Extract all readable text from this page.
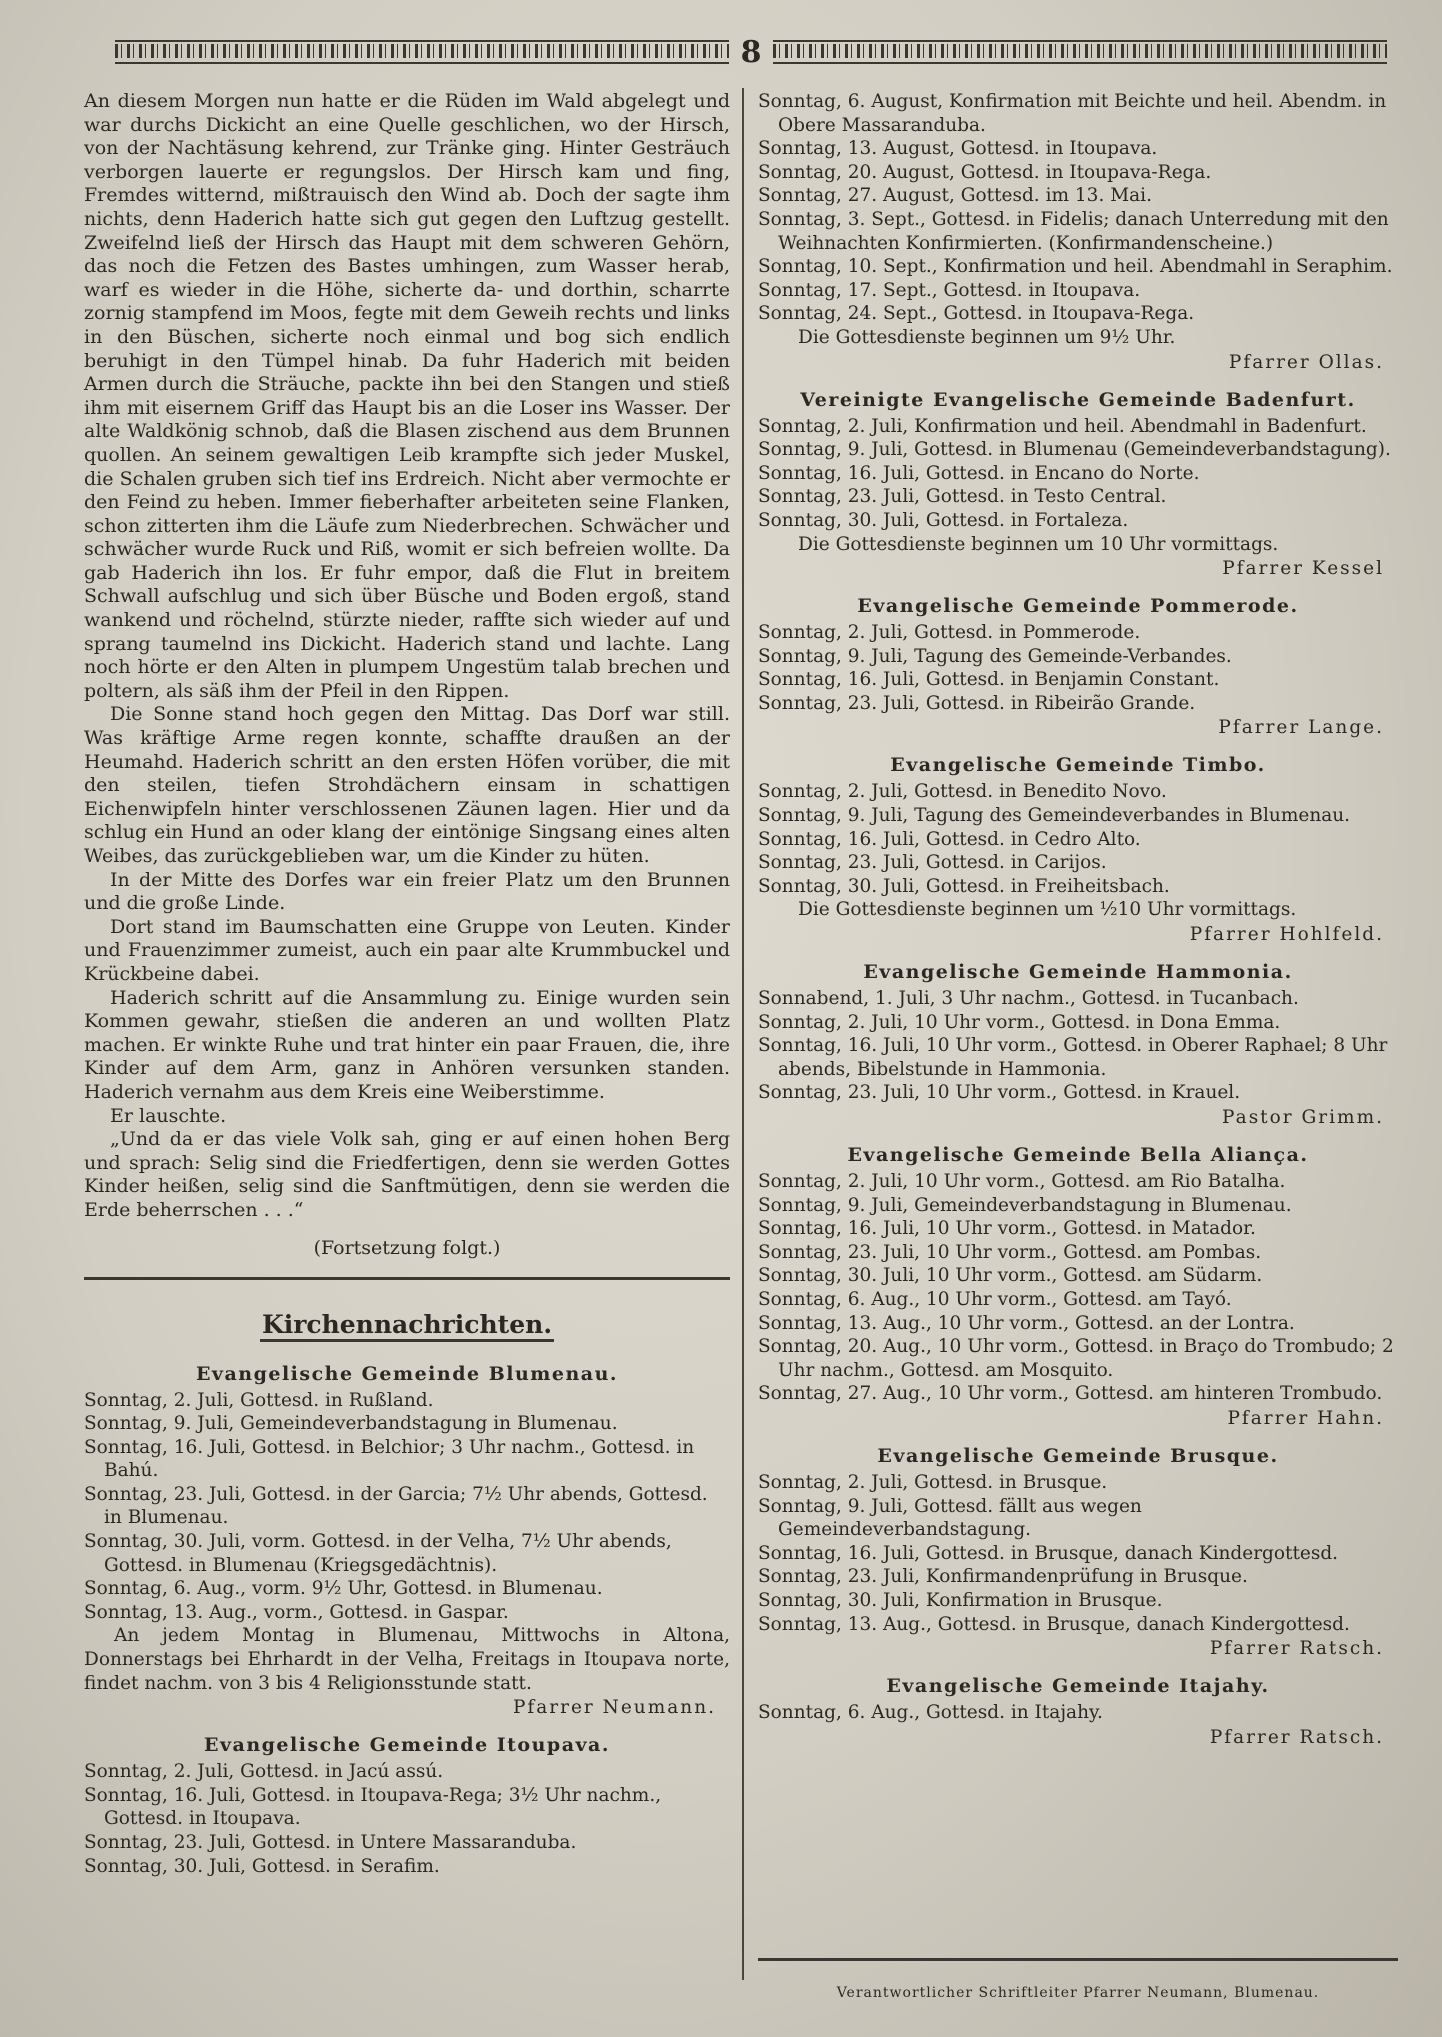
8

An diesem Morgen nun hatte er die Rüden im Wald abgelegt und war durchs Dickicht an eine Quelle geschlichen, wo der Hirsch, von der Nachtäsung kehrend, zur Tränke ging. Hinter Gesträuch verborgen lauerte er regungslos. Der Hirsch kam und fing, Fremdes witternd, mißtrauisch den Wind ab. Doch der sagte ihm nichts, denn Haderich hatte sich gut gegen den Luftzug gestellt. Zweifelnd ließ der Hirsch das Haupt mit dem schweren Gehörn, das noch die Fetzen des Bastes umhingen, zum Wasser herab, warf es wieder in die Höhe, sicherte da- und dorthin, scharrte zornig stampfend im Moos, fegte mit dem Geweih rechts und links in den Büschen, sicherte noch einmal und bog sich endlich beruhigt in den Tümpel hinab. Da fuhr Haderich mit beiden Armen durch die Sträuche, packte ihn bei den Stangen und stieß ihm mit eisernem Griff das Haupt bis an die Loser ins Wasser. Der alte Waldkönig schnob, daß die Blasen zischend aus dem Brunnen quollen. An seinem gewaltigen Leib krampfte sich jeder Muskel, die Schalen gruben sich tief ins Erdreich. Nicht aber vermochte er den Feind zu heben. Immer fieberhafter arbeiteten seine Flanken, schon zitterten ihm die Läufe zum Niederbrechen. Schwächer und schwächer wurde Ruck und Riß, womit er sich befreien wollte. Da gab Haderich ihn los. Er fuhr empor, daß die Flut in breitem Schwall aufschlug und sich über Büsche und Boden ergoß, stand wankend und röchelnd, stürzte nieder, raffte sich wieder auf und sprang taumelnd ins Dickicht. Haderich stand und lachte. Lang noch hörte er den Alten in plumpem Ungestüm talab brechen und poltern, als säß ihm der Pfeil in den Rippen.

Die Sonne stand hoch gegen den Mittag. Das Dorf war still. Was kräftige Arme regen konnte, schaffte draußen an der Heumahd. Haderich schritt an den ersten Höfen vorüber, die mit den steilen, tiefen Strohdächern einsam in schattigen Eichenwipfeln hinter verschlossenen Zäunen lagen. Hier und da schlug ein Hund an oder klang der eintönige Singsang eines alten Weibes, das zurückgeblieben war, um die Kinder zu hüten.

In der Mitte des Dorfes war ein freier Platz um den Brunnen und die große Linde.

Dort stand im Baumschatten eine Gruppe von Leuten. Kinder und Frauenzimmer zumeist, auch ein paar alte Krummbuckel und Krückbeine dabei.

Haderich schritt auf die Ansammlung zu. Einige wurden sein Kommen gewahr, stießen die anderen an und wollten Platz machen. Er winkte Ruhe und trat hinter ein paar Frauen, die, ihre Kinder auf dem Arm, ganz in Anhören versunken standen. Haderich vernahm aus dem Kreis eine Weiberstimme.

Er lauschte.

„Und da er das viele Volk sah, ging er auf einen hohen Berg und sprach: Selig sind die Friedfertigen, denn sie werden Gottes Kinder heißen, selig sind die Sanftmütigen, denn sie werden die Erde beherrschen . . .“

(Fortsetzung folgt.)
Kirchennachrichten.
Evangelische Gemeinde Blumenau.
Sonntag, 2. Juli, Gottesd. in Rußland.
Sonntag, 9. Juli, Gemeindeverbandstagung in Blumenau.
Sonntag, 16. Juli, Gottesd. in Belchior; 3 Uhr nachm., Gottesd. in Bahú.
Sonntag, 23. Juli, Gottesd. in der Garcia; 7½ Uhr abends, Gottesd. in Blumenau.
Sonntag, 30. Juli, vorm. Gottesd. in der Velha, 7½ Uhr abends, Gottesd. in Blumenau (Kriegsgedächtnis).
Sonntag, 6. Aug., vorm. 9½ Uhr, Gottesd. in Blumenau.
Sonntag, 13. Aug., vorm., Gottesd. in Gaspar.
An jedem Montag in Blumenau, Mittwochs in Altona, Donnerstags bei Ehrhardt in der Velha, Freitags in Itoupava norte, findet nachm. von 3 bis 4 Religionsstunde statt.
Pfarrer Neumann.
Evangelische Gemeinde Itoupava.
Sonntag, 2. Juli, Gottesd. in Jacú assú.
Sonntag, 16. Juli, Gottesd. in Itoupava-Rega; 3½ Uhr nachm., Gottesd. in Itoupava.
Sonntag, 23. Juli, Gottesd. in Untere Massaranduba.
Sonntag, 30. Juli, Gottesd. in Serafim.
Sonntag, 6. August, Konfirmation mit Beichte und heil. Abendm. in Obere Massaranduba.
Sonntag, 13. August, Gottesd. in Itoupava.
Sonntag, 20. August, Gottesd. in Itoupava-Rega.
Sonntag, 27. August, Gottesd. im 13. Mai.
Sonntag, 3. Sept., Gottesd. in Fidelis; danach Unterredung mit den Weihnachten Konfirmierten. (Konfirmandenscheine.)
Sonntag, 10. Sept., Konfirmation und heil. Abendmahl in Seraphim.
Sonntag, 17. Sept., Gottesd. in Itoupava.
Sonntag, 24. Sept., Gottesd. in Itoupava-Rega.
Die Gottesdienste beginnen um 9½ Uhr.
Pfarrer Ollas.
Vereinigte Evangelische Gemeinde Badenfurt.
Sonntag, 2. Juli, Konfirmation und heil. Abendmahl in Badenfurt.
Sonntag, 9. Juli, Gottesd. in Blumenau (Gemeindeverbandstagung).
Sonntag, 16. Juli, Gottesd. in Encano do Norte.
Sonntag, 23. Juli, Gottesd. in Testo Central.
Sonntag, 30. Juli, Gottesd. in Fortaleza.
Die Gottesdienste beginnen um 10 Uhr vormittags.
Pfarrer Kessel
Evangelische Gemeinde Pommerode.
Sonntag, 2. Juli, Gottesd. in Pommerode.
Sonntag, 9. Juli, Tagung des Gemeinde-Verbandes.
Sonntag, 16. Juli, Gottesd. in Benjamin Constant.
Sonntag, 23. Juli, Gottesd. in Ribeirão Grande.
Pfarrer Lange.
Evangelische Gemeinde Timbo.
Sonntag, 2. Juli, Gottesd. in Benedito Novo.
Sonntag, 9. Juli, Tagung des Gemeindeverbandes in Blumenau.
Sonntag, 16. Juli, Gottesd. in Cedro Alto.
Sonntag, 23. Juli, Gottesd. in Carijos.
Sonntag, 30. Juli, Gottesd. in Freiheitsbach.
Die Gottesdienste beginnen um ½10 Uhr vormittags.
Pfarrer Hohlfeld.
Evangelische Gemeinde Hammonia.
Sonnabend, 1. Juli, 3 Uhr nachm., Gottesd. in Tucanbach.
Sonntag, 2. Juli, 10 Uhr vorm., Gottesd. in Dona Emma.
Sonntag, 16. Juli, 10 Uhr vorm., Gottesd. in Oberer Raphael; 8 Uhr abends, Bibelstunde in Hammonia.
Sonntag, 23. Juli, 10 Uhr vorm., Gottesd. in Krauel.
Pastor Grimm.
Evangelische Gemeinde Bella Aliança.
Sonntag, 2. Juli, 10 Uhr vorm., Gottesd. am Rio Batalha.
Sonntag, 9. Juli, Gemeindeverbandstagung in Blumenau.
Sonntag, 16. Juli, 10 Uhr vorm., Gottesd. in Matador.
Sonntag, 23. Juli, 10 Uhr vorm., Gottesd. am Pombas.
Sonntag, 30. Juli, 10 Uhr vorm., Gottesd. am Südarm.
Sonntag, 6. Aug., 10 Uhr vorm., Gottesd. am Tayó.
Sonntag, 13. Aug., 10 Uhr vorm., Gottesd. an der Lontra.
Sonntag, 20. Aug., 10 Uhr vorm., Gottesd. in Braço do Trombudo; 2 Uhr nachm., Gottesd. am Mosquito.
Sonntag, 27. Aug., 10 Uhr vorm., Gottesd. am hinteren Trombudo.
Pfarrer Hahn.
Evangelische Gemeinde Brusque.
Sonntag, 2. Juli, Gottesd. in Brusque.
Sonntag, 9. Juli, Gottesd. fällt aus wegen Gemeindeverbandstagung.
Sonntag, 16. Juli, Gottesd. in Brusque, danach Kindergottesd.
Sonntag, 23. Juli, Konfirmandenprüfung in Brusque.
Sonntag, 30. Juli, Konfirmation in Brusque.
Sonntag, 13. Aug., Gottesd. in Brusque, danach Kindergottesd.
Pfarrer Ratsch.
Evangelische Gemeinde Itajahy.
Sonntag, 6. Aug., Gottesd. in Itajahy.
Pfarrer Ratsch.
Verantwortlicher Schriftleiter Pfarrer Neumann, Blumenau.
